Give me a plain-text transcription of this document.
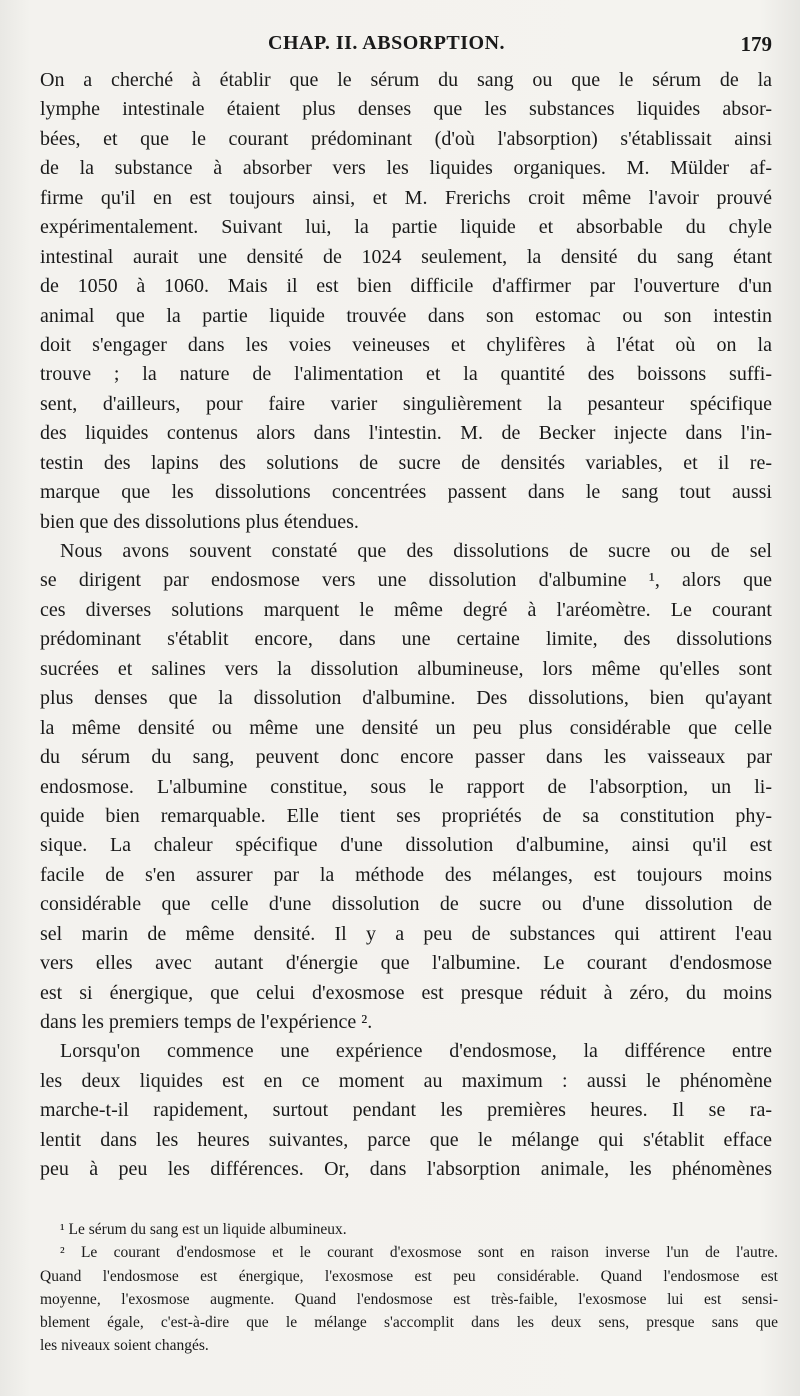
CHAP. II. ABSORPTION.	179
On a cherché à établir que le sérum du sang ou que le sérum de la
lymphe intestinale étaient plus denses que les substances liquides absor-
bées, et que le courant prédominant (d'où l'absorption) s'établissait ainsi
de la substance à absorber vers les liquides organiques. M. Mülder af-
firme qu'il en est toujours ainsi, et M. Frerichs croit même l'avoir prouvé
expérimentalement. Suivant lui, la partie liquide et absorbable du chyle
intestinal aurait une densité de 1024 seulement, la densité du sang étant
de 1050 à 1060. Mais il est bien difficile d'affirmer par l'ouverture d'un
animal que la partie liquide trouvée dans son estomac ou son intestin
doit s'engager dans les voies veineuses et chylifères à l'état où on la
trouve ; la nature de l'alimentation et la quantité des boissons suffi-
sent, d'ailleurs, pour faire varier singulièrement la pesanteur spécifique
des liquides contenus alors dans l'intestin. M. de Becker injecte dans l'in-
testin des lapins des solutions de sucre de densités variables, et il re-
marque que les dissolutions concentrées passent dans le sang tout aussi
bien que des dissolutions plus étendues.
Nous avons souvent constaté que des dissolutions de sucre ou de sel
se dirigent par endosmose vers une dissolution d'albumine ¹, alors que
ces diverses solutions marquent le même degré à l'aréomètre. Le courant
prédominant s'établit encore, dans une certaine limite, des dissolutions
sucrées et salines vers la dissolution albumineuse, lors même qu'elles sont
plus denses que la dissolution d'albumine. Des dissolutions, bien qu'ayant
la même densité ou même une densité un peu plus considérable que celle
du sérum du sang, peuvent donc encore passer dans les vaisseaux par
endosmose. L'albumine constitue, sous le rapport de l'absorption, un li-
quide bien remarquable. Elle tient ses propriétés de sa constitution phy-
sique. La chaleur spécifique d'une dissolution d'albumine, ainsi qu'il est
facile de s'en assurer par la méthode des mélanges, est toujours moins
considérable que celle d'une dissolution de sucre ou d'une dissolution de
sel marin de même densité. Il y a peu de substances qui attirent l'eau
vers elles avec autant d'énergie que l'albumine. Le courant d'endosmose
est si énergique, que celui d'exosmose est presque réduit à zéro, du moins
dans les premiers temps de l'expérience ².
Lorsqu'on commence une expérience d'endosmose, la différence entre
les deux liquides est en ce moment au maximum : aussi le phénomène
marche-t-il rapidement, surtout pendant les premières heures. Il se ra-
lentit dans les heures suivantes, parce que le mélange qui s'établit efface
peu à peu les différences. Or, dans l'absorption animale, les phénomènes
¹ Le sérum du sang est un liquide albumineux.
² Le courant d'endosmose et le courant d'exosmose sont en raison inverse l'un de l'autre.
Quand l'endosmose est énergique, l'exosmose est peu considérable. Quand l'endosmose est
moyenne, l'exosmose augmente. Quand l'endosmose est très-faible, l'exosmose lui est sensi-
blement égale, c'est-à-dire que le mélange s'accomplit dans les deux sens, presque sans que
les niveaux soient changés.
